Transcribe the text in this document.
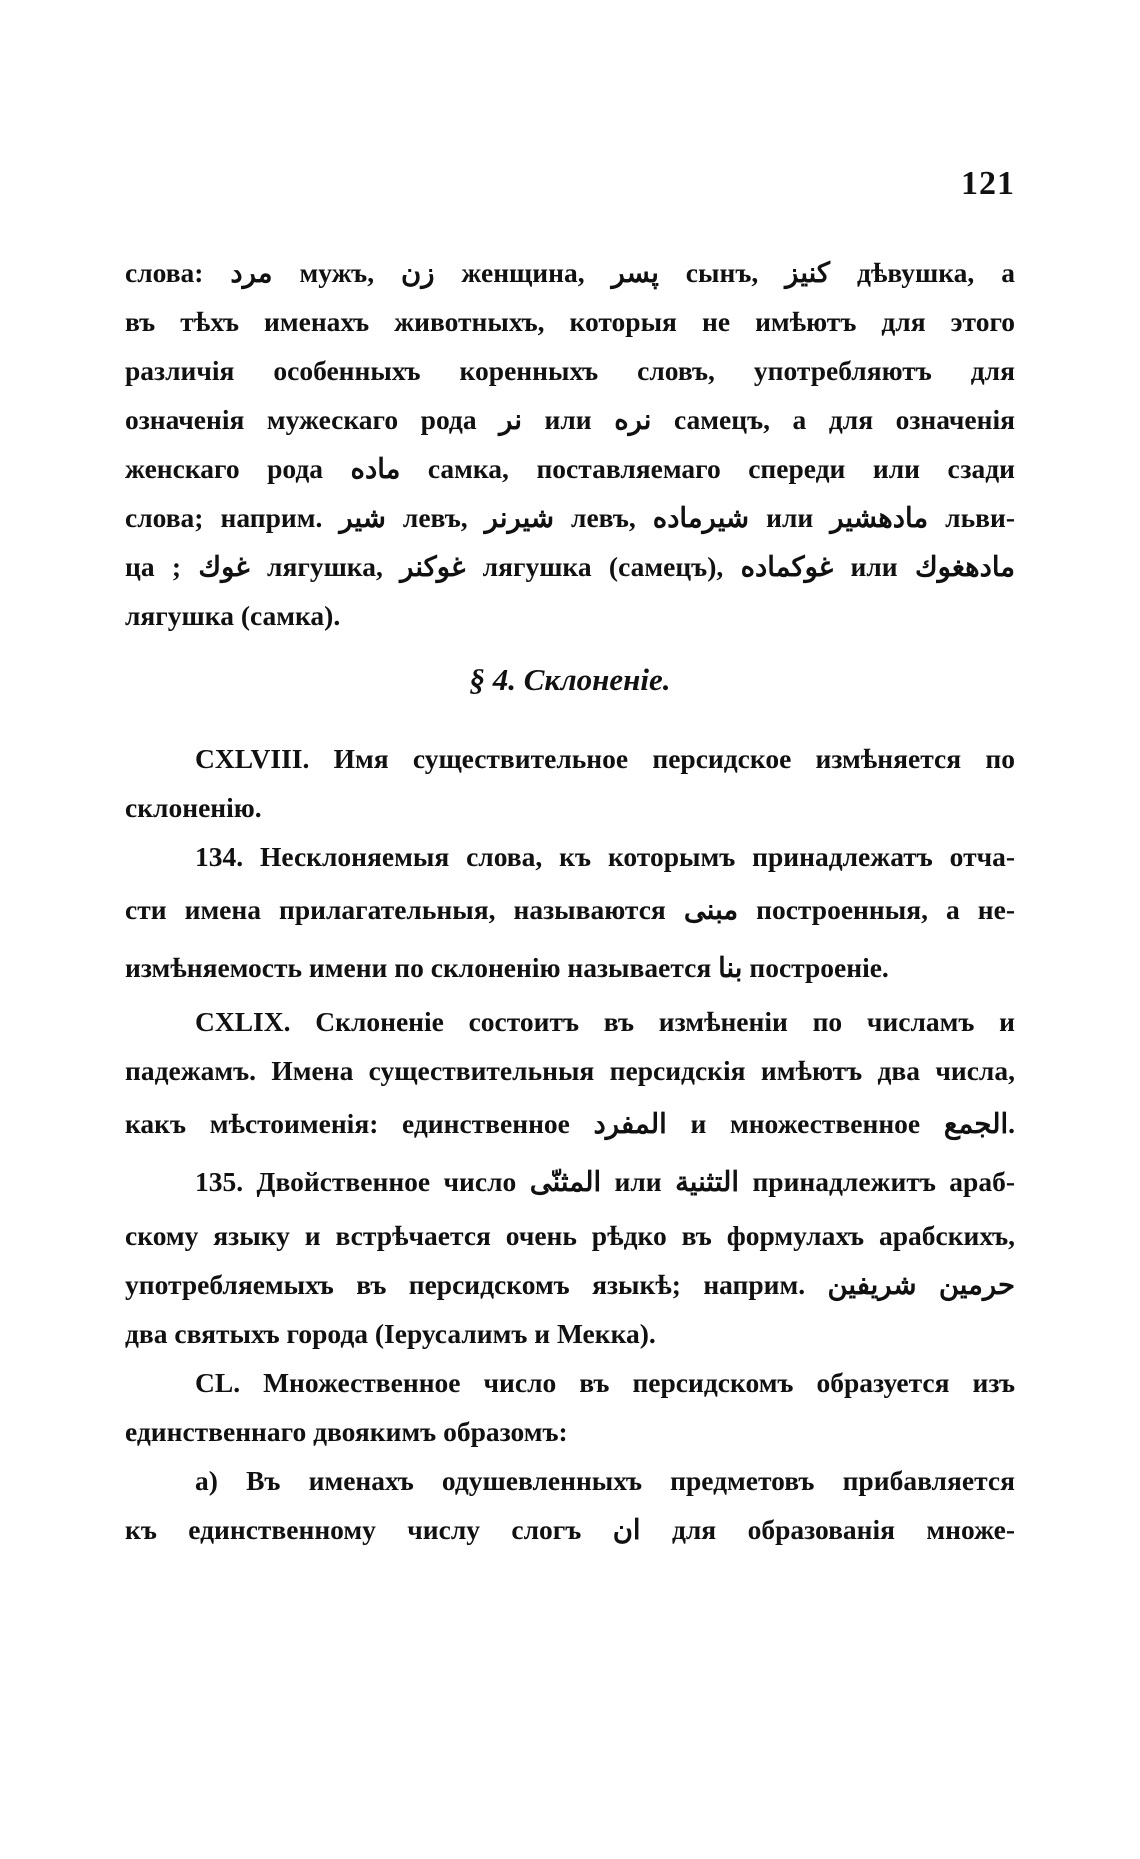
121
слова: مرد мужъ, زن женщина, پسر сынъ, کنیز дѣвушка, а
въ тѣхъ именахъ животныхъ, которыя не имѣютъ для этого
различія особенныхъ коренныхъ словъ, употребляютъ для
означенія мужескаго рода نر или نره самецъ, а для означенія
женскаго рода ماده самка, поставляемаго спереди или сзади
слова; наприм. شیر левъ, شیرنر левъ, شیرماده или مادهشیر льви-
ца ; غوك лягушка, غوکنر лягушка (самецъ), غوکماده или مادهغوك
лягушка (самка).
§ 4. Склоненіе.
CXLVIII. Имя существительное персидское измѣняется по
склоненію.
134. Несклоняемыя слова, къ которымъ принадлежатъ отча-
сти имена прилагательныя, называются مبنی построенныя, а не-
измѣняемость имени по склоненію называется بنا построеніе.
CXLIX. Склоненіе состоитъ въ измѣненіи по числамъ и
падежамъ. Имена существительныя персидскія имѣютъ два числа,
какъ мѣстоименія: единственное المفرد и множественное الجمع.
135. Двойственное число المثنّی или التثنیة принадлежитъ араб-
скому языку и встрѣчается очень рѣдко въ формулахъ арабскихъ,
употребляемыхъ въ персидскомъ языкѣ; наприм. حرمین شریفین
два святыхъ города (Іерусалимъ и Мекка).
CL. Множественное число въ персидскомъ образуется изъ
единственнаго двоякимъ образомъ:
а) Въ именахъ одушевленныхъ предметовъ прибавляется
къ единственному числу слогъ ان для образованія множе-
